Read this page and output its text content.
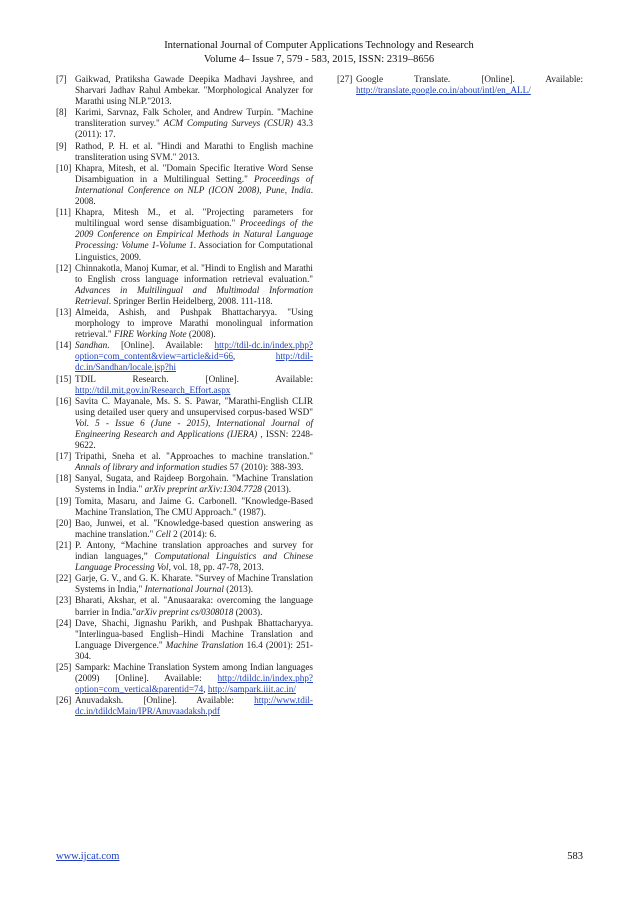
International Journal of Computer Applications Technology and Research
Volume 4– Issue 7, 579 - 583, 2015, ISSN: 2319–8656

[7] Gaikwad, Pratiksha Gawade Deepika Madhavi Jayshree, and Sharvari Jadhav Rahul Ambekar. "Morphological Analyzer for Marathi using NLP."2013.

[8] Karimi, Sarvnaz, Falk Scholer, and Andrew Turpin. "Machine transliteration survey." ACM Computing Surveys (CSUR) 43.3 (2011): 17.

[9] Rathod, P. H. et al. "Hindi and Marathi to English machine transliteration using SVM." 2013.

[10] Khapra, Mitesh, et al. "Domain Specific Iterative Word Sense Disambiguation in a Multilingual Setting." Proceedings of International Conference on NLP (ICON 2008), Pune, India. 2008.

[11] Khapra, Mitesh M., et al. "Projecting parameters for multilingual word sense disambiguation." Proceedings of the 2009 Conference on Empirical Methods in Natural Language Processing: Volume 1-Volume 1. Association for Computational Linguistics, 2009.

[12] Chinnakotla, Manoj Kumar, et al. "Hindi to English and Marathi to English cross language information retrieval evaluation." Advances in Multilingual and Multimodal Information Retrieval. Springer Berlin Heidelberg, 2008. 111-118.

[13] Almeida, Ashish, and Pushpak Bhattacharyya. "Using morphology to improve Marathi monolingual information retrieval." FIRE Working Note (2008).

[14] Sandhan. [Online]. Available: http://tdil-dc.in/index.php?option=com_content&view=article&id=66, http://tdil-dc.in/Sandhan/locale.jsp?hi

[15] TDIL Research. [Online]. Available: http://tdil.mit.gov.in/Research_Effort.aspx

[16] Savita C. Mayanale, Ms. S. S. Pawar, "Marathi-English CLIR using detailed user query and unsupervised corpus-based WSD" Vol. 5 - Issue 6 (June - 2015), International Journal of Engineering Research and Applications (IJERA) , ISSN: 2248-9622.

[17] Tripathi, Sneha et al. "Approaches to machine translation." Annals of library and information studies 57 (2010): 388-393.

[18] Sanyal, Sugata, and Rajdeep Borgohain. "Machine Translation Systems in India." arXiv preprint arXiv:1304.7728 (2013).

[19] Tomita, Masaru, and Jaime G. Carbonell. "Knowledge-Based Machine Translation, The CMU Approach." (1987).

[20] Bao, Junwei, et al. "Knowledge-based question answering as machine translation." Cell 2 (2014): 6.

[21] P. Antony, “Machine translation approaches and survey for indian languages,” Computational Linguistics and Chinese Language Processing Vol, vol. 18, pp. 47-78, 2013.

[22] Garje, G. V., and G. K. Kharate. "Survey of Machine Translation Systems in India," International Journal (2013).

[23] Bharati, Akshar, et al. "Anusaaraka: overcoming the language barrier in India."arXiv preprint cs/0308018 (2003).

[24] Dave, Shachi, Jignashu Parikh, and Pushpak Bhattacharyya. "Interlingua-based English–Hindi Machine Translation and Language Divergence." Machine Translation 16.4 (2001): 251-304.

[25] Sampark: Machine Translation System among Indian languages (2009) [Online]. Available: http://tdildc.in/index.php?option=com_vertical&parentid=74, http://sampark.iiit.ac.in/

[26] Anuvadaksh. [Online]. Available: http://www.tdil-dc.in/tdildcMain/IPR/Anuvaadaksh.pdf

[27] Google Translate. [Online]. Available: http://translate.google.co.in/about/intl/en_ALL/

www.ijcat.com	583
